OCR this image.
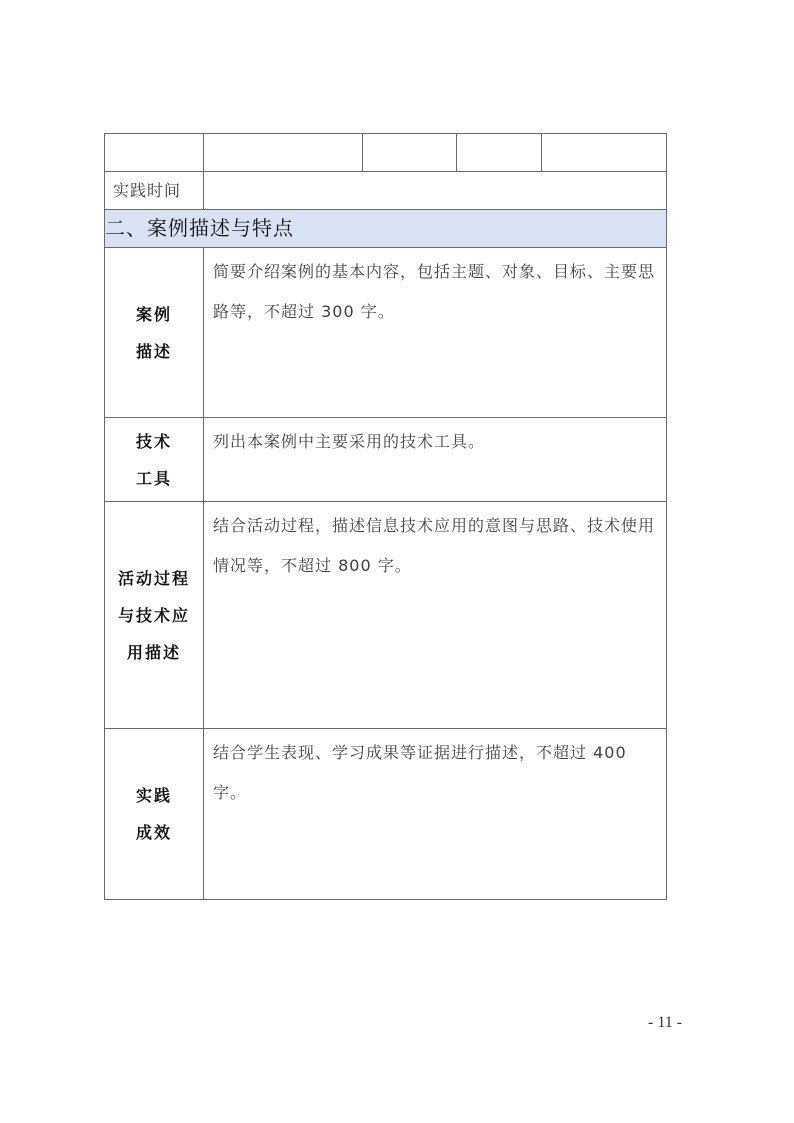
实践时间				

二、案例描述与特点				

案例
描述	简要介绍案例的基本内容，包括主题、对象、目标、主要思路等，不超过 300 字。			

技术
工具	列出本案例中主要采用的技术工具。			

活动过程
与技术应
用描述	结合活动过程，描述信息技术应用的意图与思路、技术使用情况等，不超过 800 字。			

实践
成效	结合学生表现、学习成果等证据进行描述，不超过 400 字。			
- 11 -
